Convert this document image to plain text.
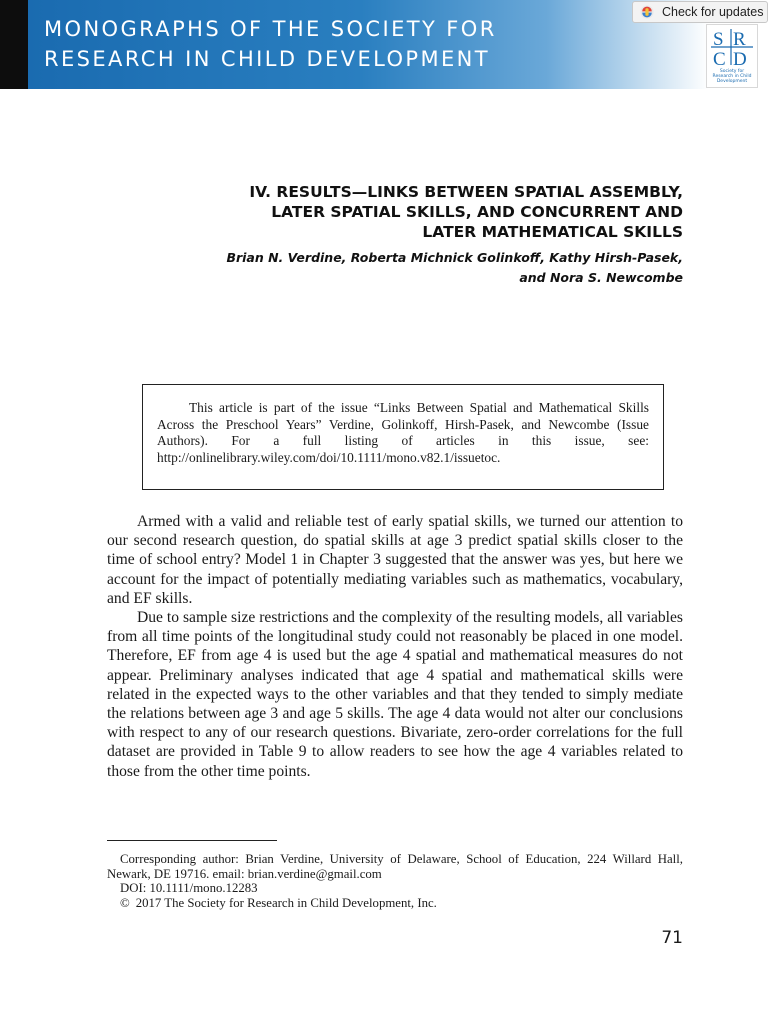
MONOGRAPHS OF THE SOCIETY FOR
RESEARCH IN CHILD DEVELOPMENT
S R
C D
Society for Research in Child Development
Check for updates
IV. RESULTS—LINKS BETWEEN SPATIAL ASSEMBLY,
LATER SPATIAL SKILLS, AND CONCURRENT AND
LATER MATHEMATICAL SKILLS
Brian N. Verdine, Roberta Michnick Golinkoff, Kathy Hirsh-Pasek,
and Nora S. Newcombe
This article is part of the issue “Links Between Spatial and Mathematical Skills Across the Preschool Years” Verdine, Golinkoff, Hirsh-Pasek, and Newcombe (Issue Authors). For a full listing of articles in this issue, see: http://onlinelibrary.wiley.com/doi/10.1111/mono.v82.1/issuetoc.

Armed with a valid and reliable test of early spatial skills, we turned our attention to our second research question, do spatial skills at age 3 predict spatial skills closer to the time of school entry? Model 1 in Chapter 3 suggested that the answer was yes, but here we account for the impact of potentially mediating variables such as mathematics, vocabulary, and EF skills.

Due to sample size restrictions and the complexity of the resulting models, all variables from all time points of the longitudinal study could not reasonably be placed in one model. Therefore, EF from age 4 is used but the age 4 spatial and mathematical measures do not appear. Preliminary analyses indicated that age 4 spatial and mathematical skills were related in the expected ways to the other variables and that they tended to simply mediate the relations between age 3 and age 5 skills. The age 4 data would not alter our conclusions with respect to any of our research questions. Bivariate, zero-order correlations for the full dataset are provided in Table 9 to allow readers to see how the age 4 variables related to those from the other time points.

Corresponding author: Brian Verdine, University of Delaware, School of Education, 224 Willard Hall, Newark, DE 19716. email: brian.verdine@gmail.com

DOI: 10.1111/mono.12283

© 2017 The Society for Research in Child Development, Inc.

71
